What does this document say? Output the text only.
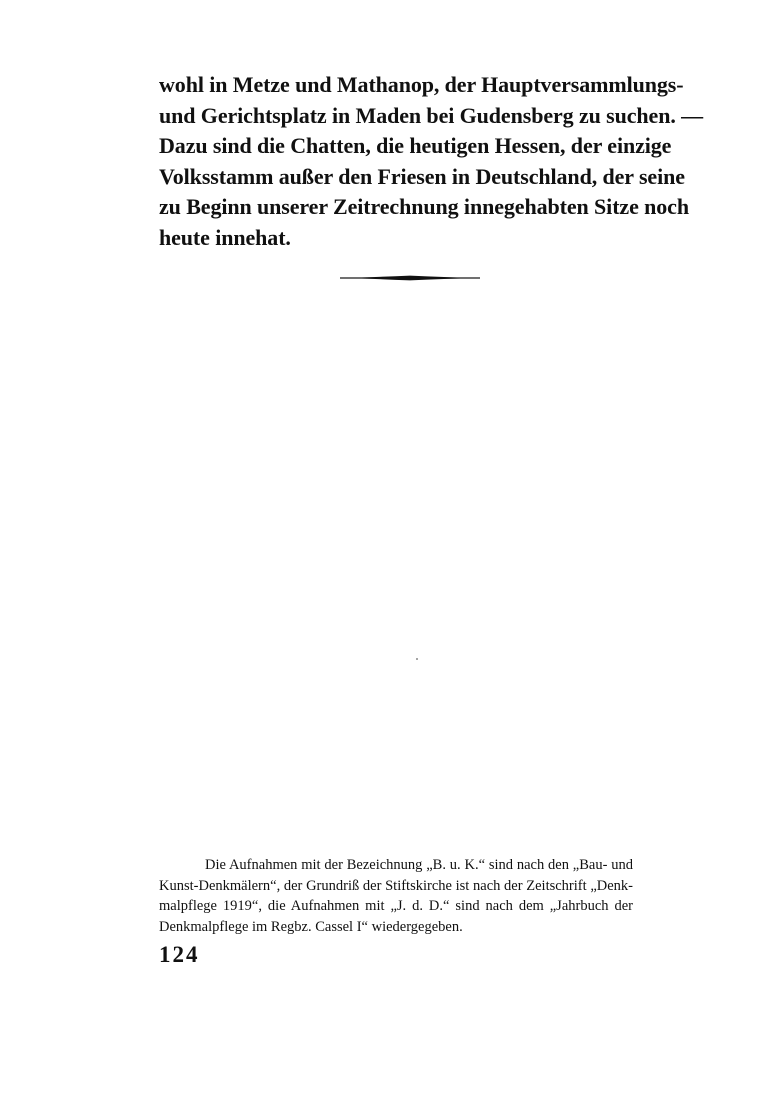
wohl in Metze und Mathanop, der Hauptversammlungs-

und Gerichtsplatz in Maden bei Gudensberg zu suchen. —

Dazu sind die Chatten, die heutigen Hessen, der einzige

Volksstamm außer den Friesen in Deutschland, der seine

zu Beginn unserer Zeitrechnung innegehabten Sitze noch

heute innehat.

Die Aufnahmen mit der Bezeichnung „B. u. K.“ sind nach den „Bau- und

Kunst-Denkmälern“, der Grundriß der Stiftskirche ist nach der Zeitschrift „Denk-

malpflege 1919“, die Aufnahmen mit „J. d. D.“ sind nach dem „Jahrbuch der

Denkmalpflege im Regbz. Cassel I“ wiedergegeben.

124
